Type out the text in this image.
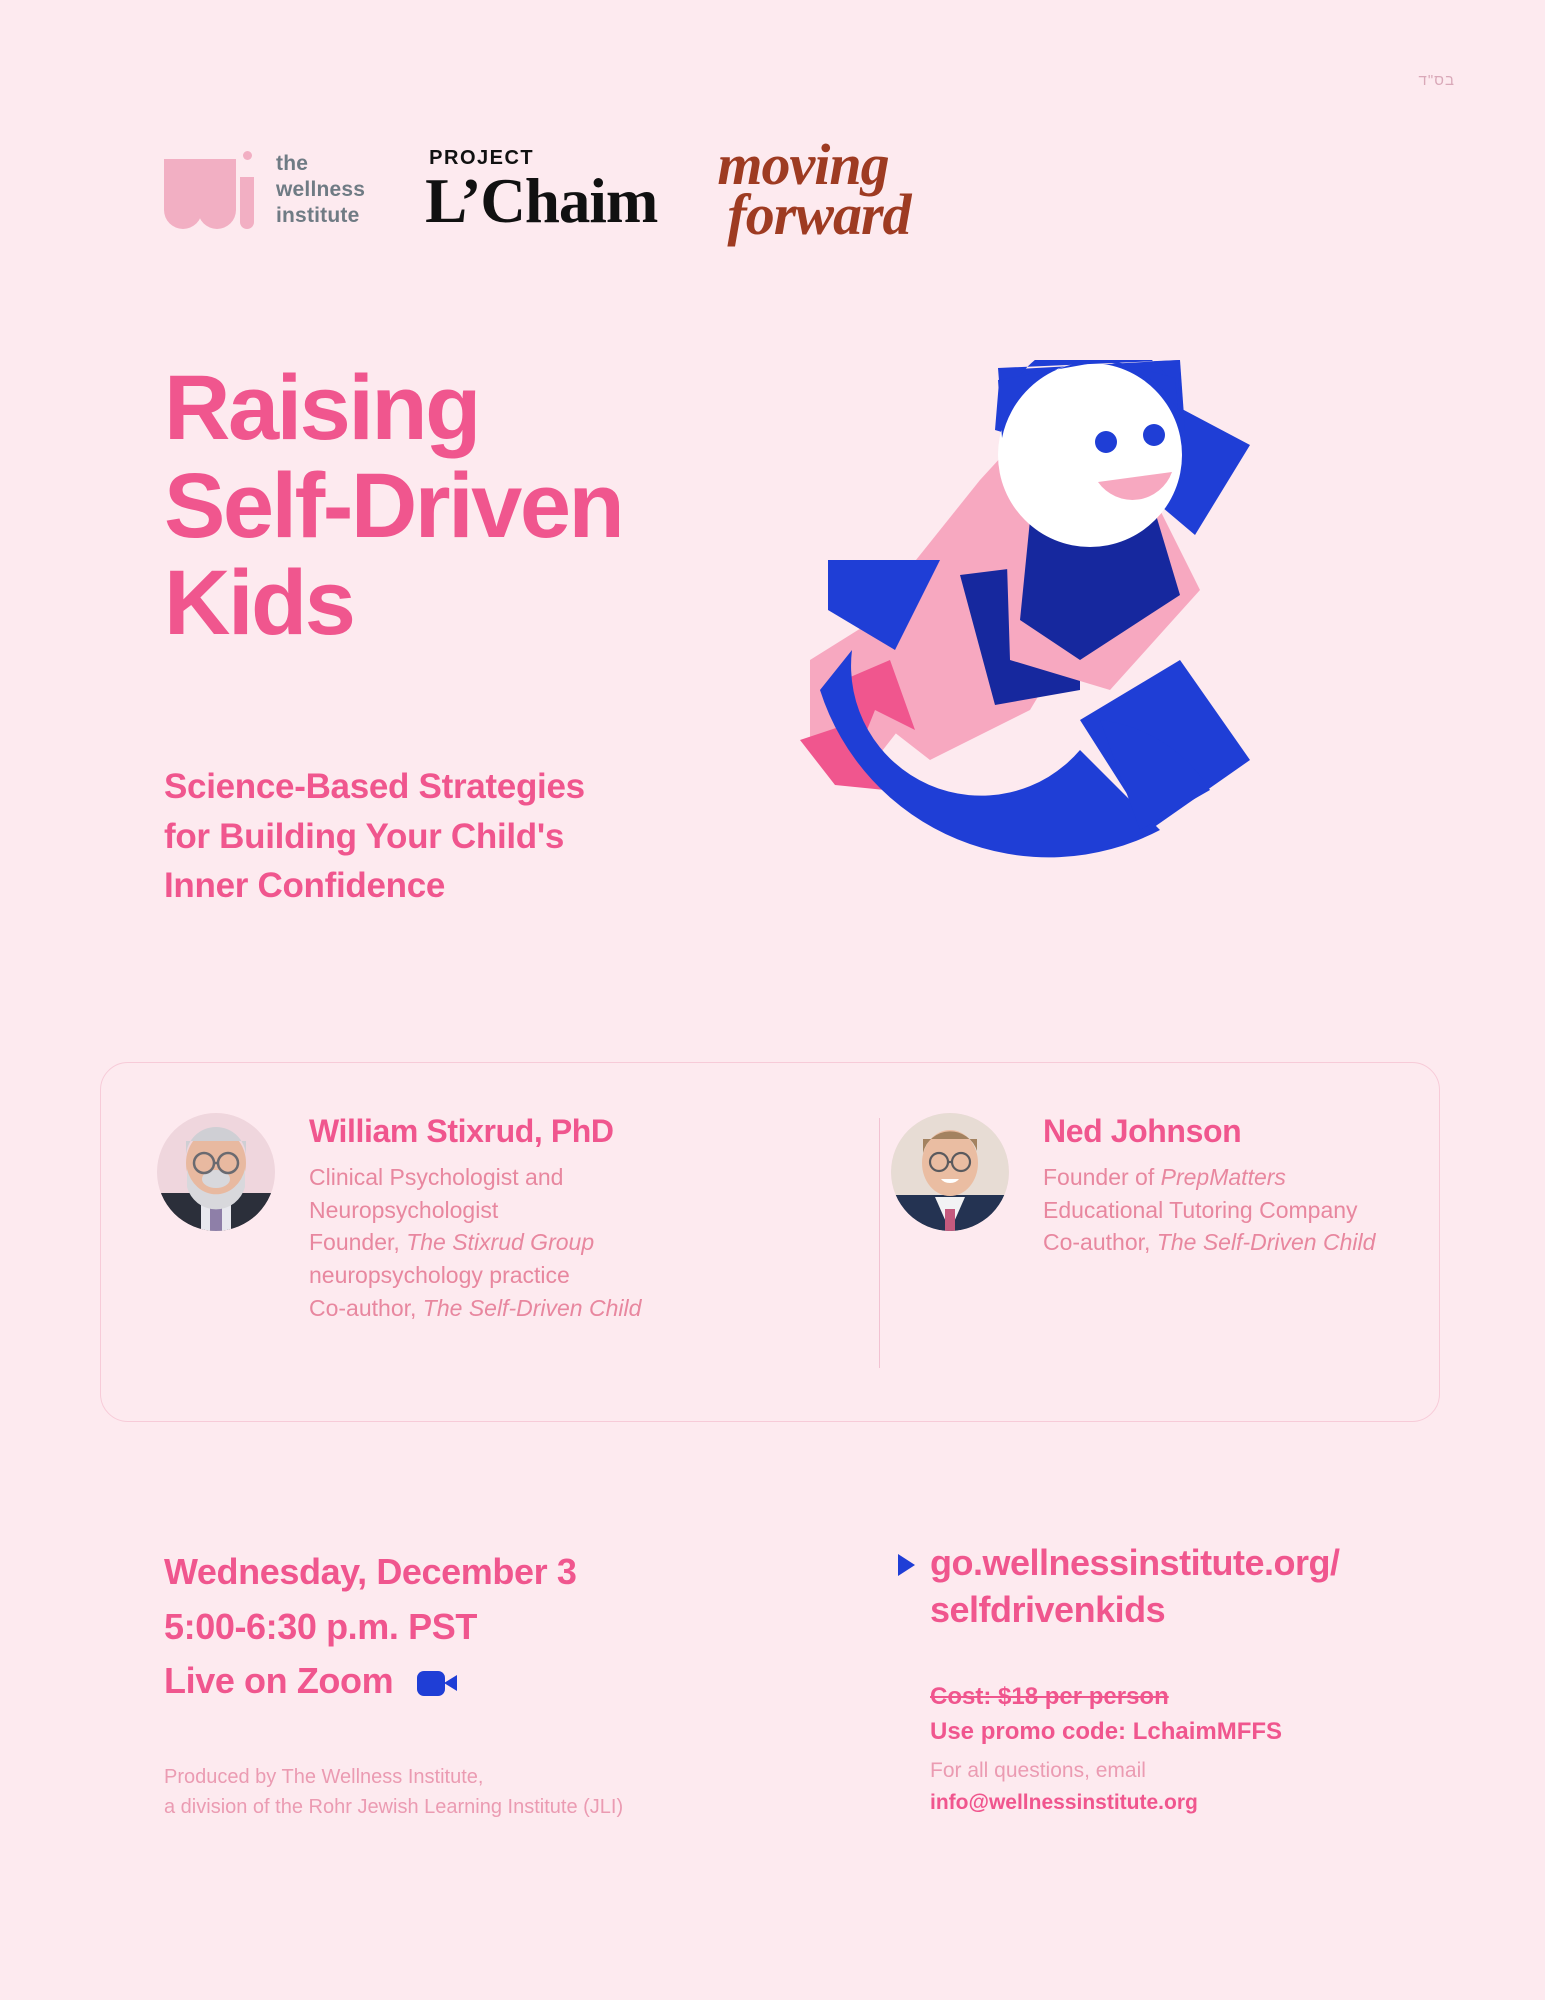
בס"ד
the
wellness
institute
PROJECT
L’Chaim
moving
forward
Raising
Self-Driven
Kids
Science-Based Strategies
for Building Your Child's
Inner Confidence
William Stixrud, PhD
Clinical Psychologist and
Neuropsychologist
Founder, The Stixrud Group
neuropsychology practice
Co-author, The Self-Driven Child
Ned Johnson
Founder of PrepMatters
Educational Tutoring Company
Co-author, The Self-Driven Child
Wednesday, December 3
5:00-6:30 p.m. PST
Live on Zoom
Produced by The Wellness Institute,
a division of the Rohr Jewish Learning Institute (JLI)
go.wellnessinstitute.org/
selfdrivenkids
Cost: $18 per person
Use promo code: LchaimMFFS
For all questions, email
info@wellnessinstitute.org
